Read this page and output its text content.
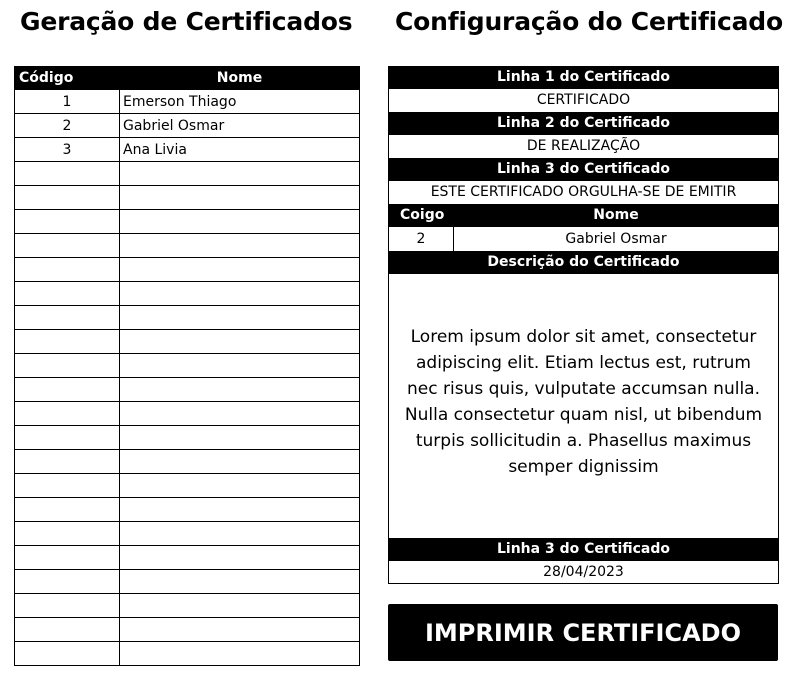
Geração de Certificados Configuração do Certificado
Código	Nome
1	Emerson Thiago
2	Gabriel Osmar
3	Ana Livia

Linha 1 do Certificado
CERTIFICADO
Linha 2 do Certificado
DE REALIZAÇÃO
Linha 3 do Certificado
ESTE CERTIFICADO ORGULHA-SE DE EMITIR
Coigo	Nome
2	Gabriel Osmar
Descrição do Certificado
Lorem ipsum dolor sit amet, consectetur adipiscing elit. Etiam lectus est, rutrum nec risus quis, vulputate accumsan nulla. Nulla consectetur quam nisl, ut bibendum turpis sollicitudin a. Phasellus maximus semper dignissim
Linha 3 do Certificado
28/04/2023
IMPRIMIR CERTIFICADO
